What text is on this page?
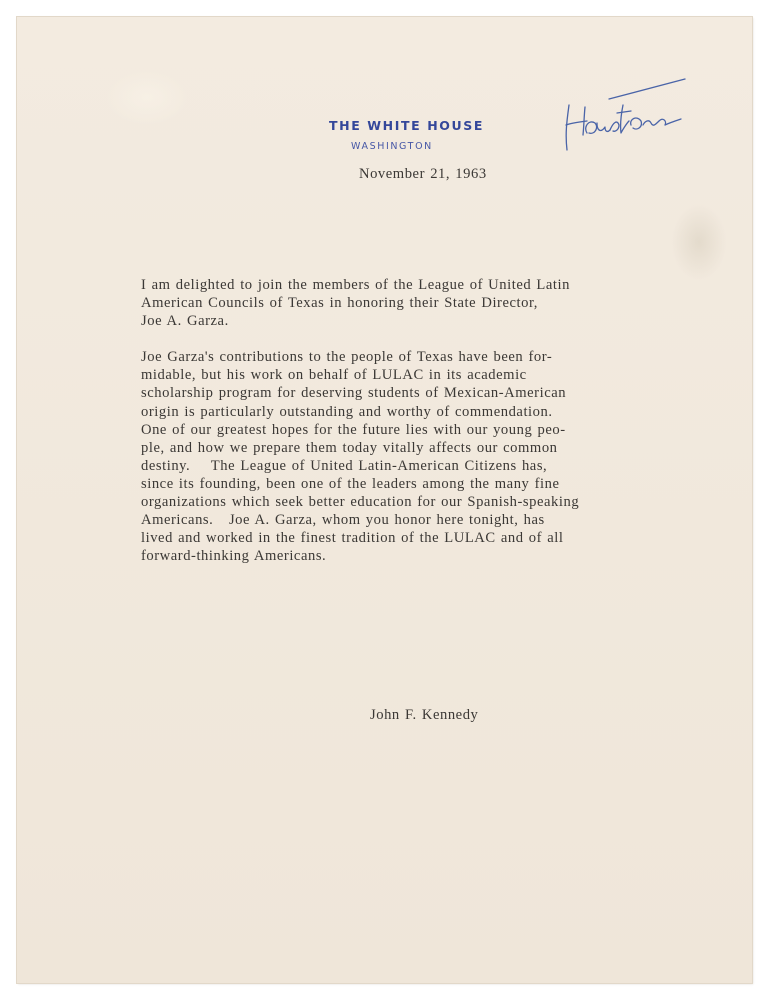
THE WHITE HOUSE
WASHINGTON
November 21, 1963
I am delighted to join the members of the League of United Latin
American Councils of Texas in honoring their State Director,
Joe A. Garza.
Joe Garza's contributions to the people of Texas have been for-
midable, but his work on behalf of LULAC in its academic
scholarship program for deserving students of Mexican-American
origin is particularly outstanding and worthy of commendation.
One of our greatest hopes for the future lies with our young peo-
ple, and how we prepare them today vitally affects our common
destiny.    The League of United Latin-American Citizens has,
since its founding, been one of the leaders among the many fine
organizations which seek better education for our Spanish-speaking
Americans.   Joe A. Garza, whom you honor here tonight, has
lived and worked in the finest tradition of the LULAC and of all
forward-thinking Americans.
John F. Kennedy
